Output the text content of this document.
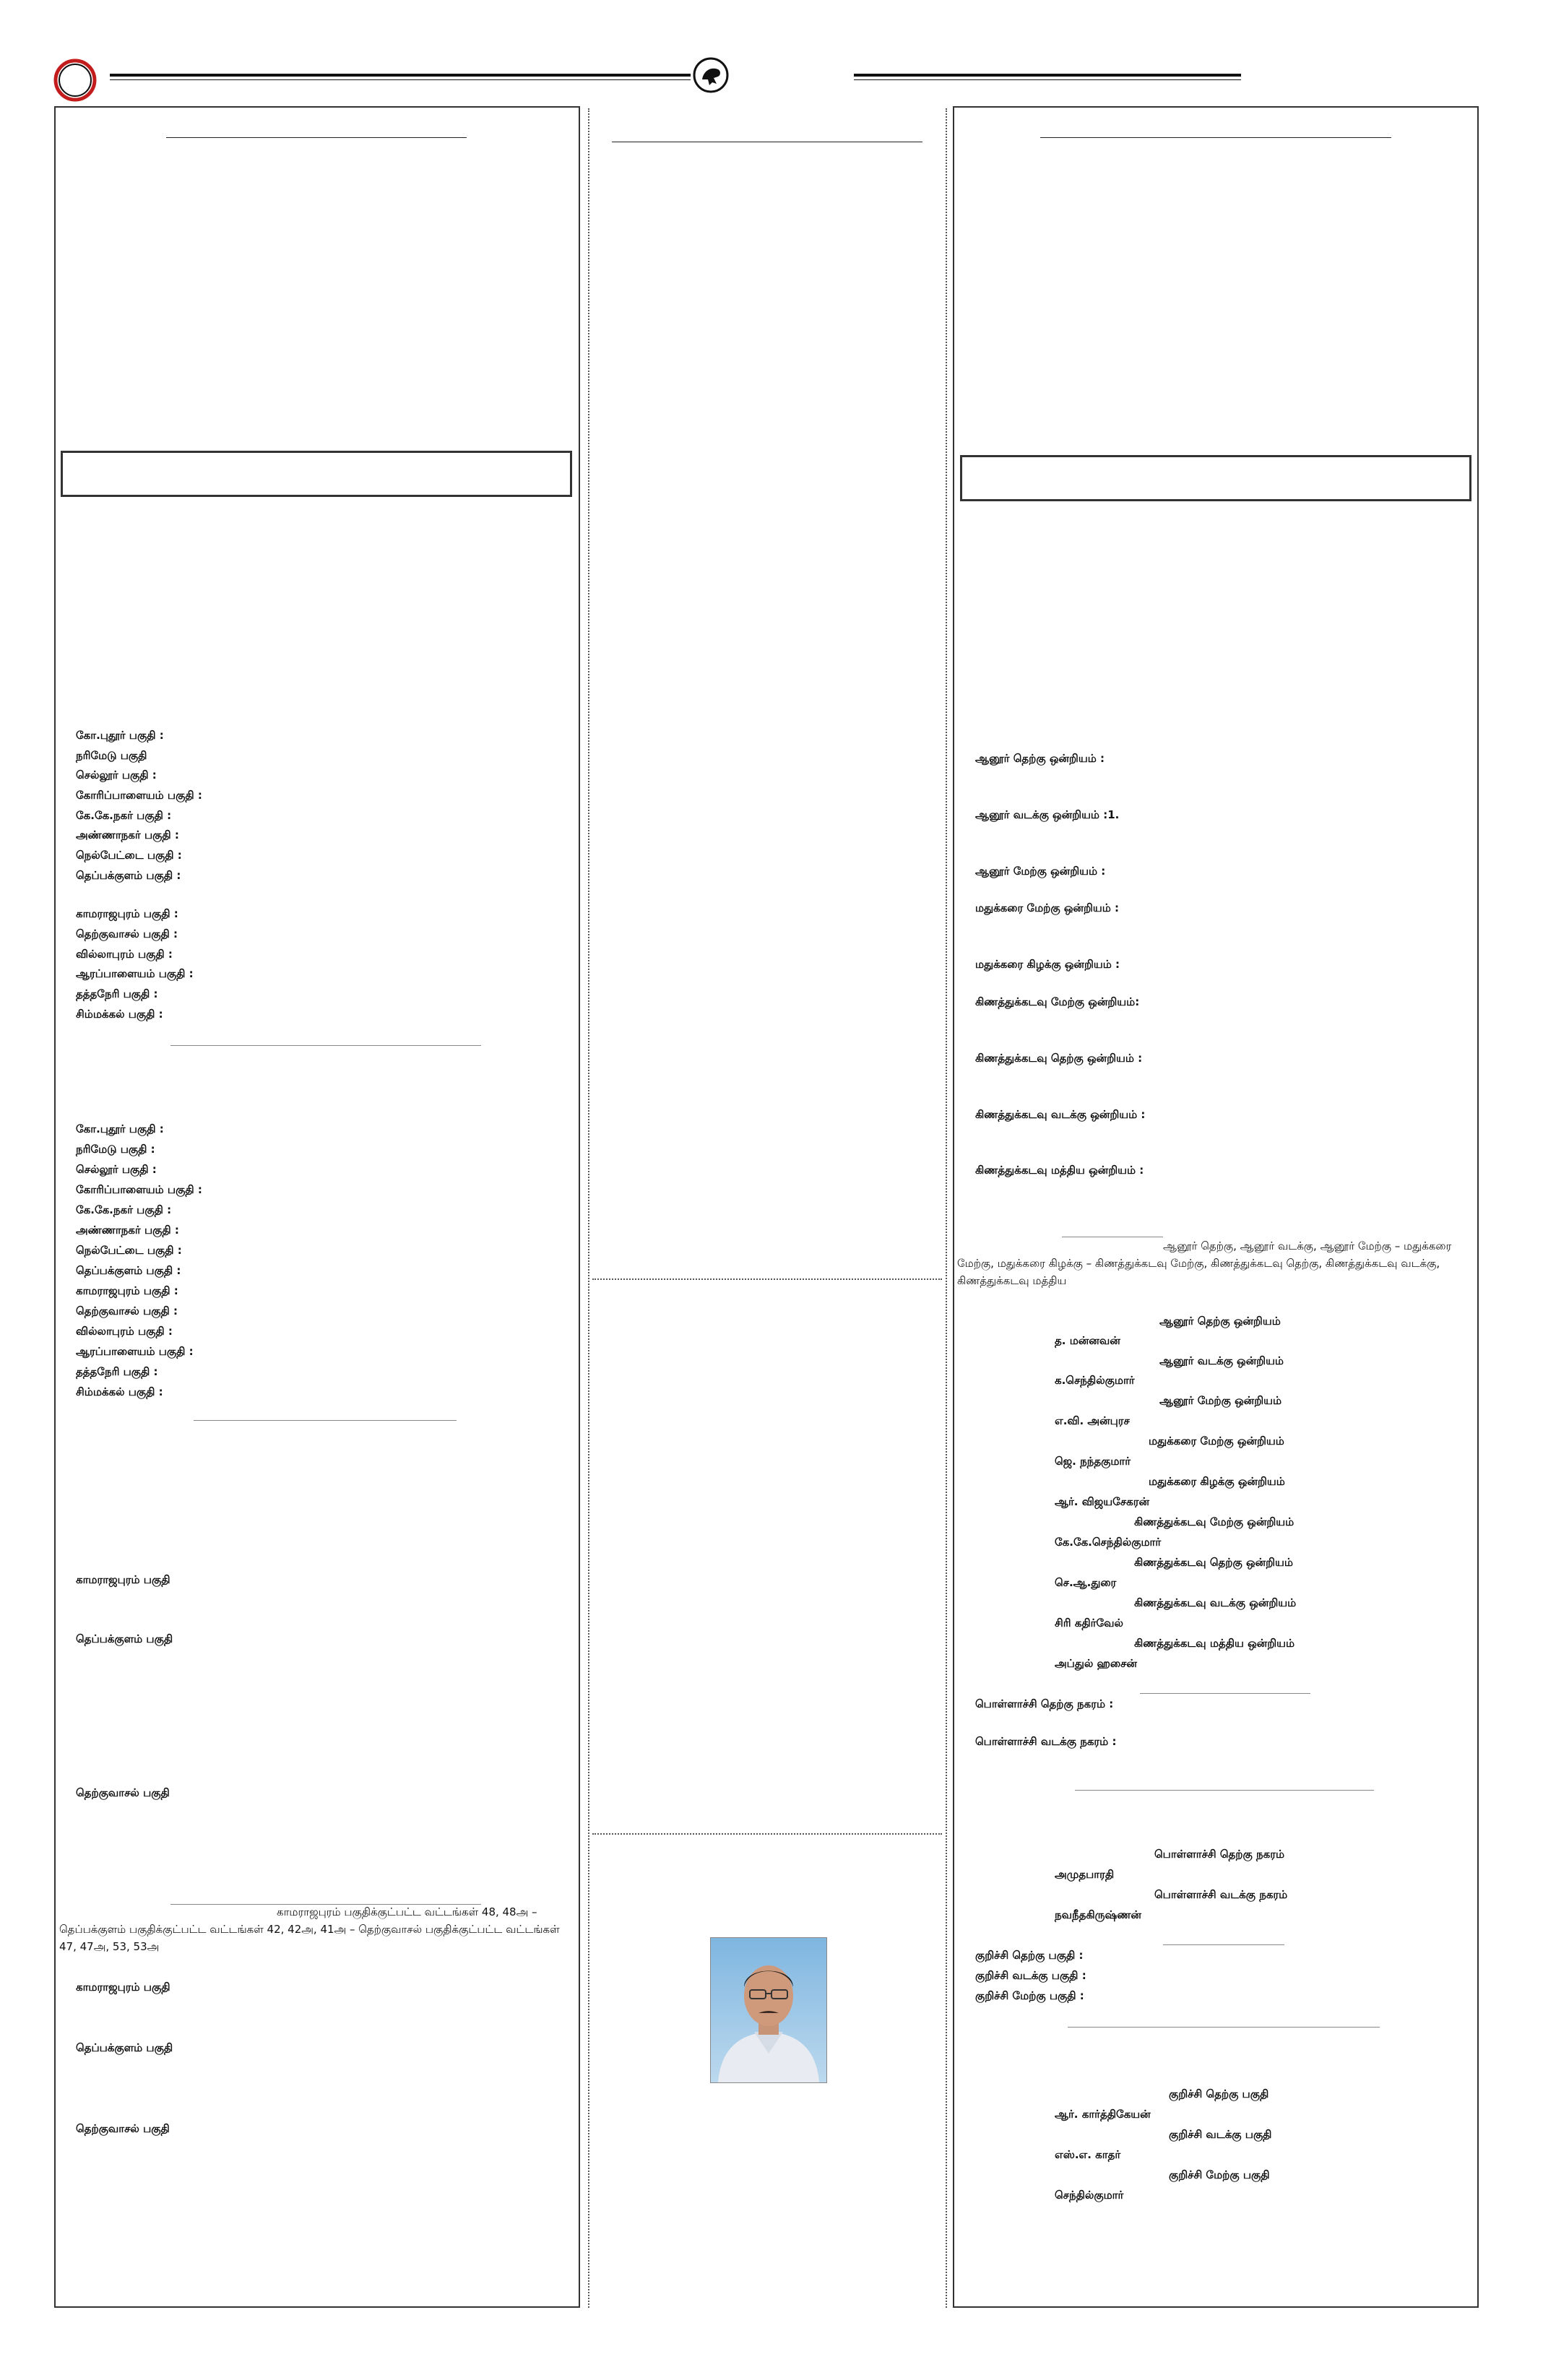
கோ.புதூர் பகுதி :
நரிமேடு பகுதி
செல்லூர் பகுதி :
கோரிப்பாளையம் பகுதி :
கே.கே.நகர் பகுதி :
அண்ணாநகர் பகுதி :
நெல்பேட்டை பகுதி :
தெப்பக்குளம் பகுதி :
காமராஜபுரம் பகுதி :
தெற்குவாசல் பகுதி :
வில்லாபுரம் பகுதி :
ஆரப்பாளையம் பகுதி :
தத்தநேரி பகுதி :
சிம்மக்கல் பகுதி :
கோ.புதூர் பகுதி :
நரிமேடு பகுதி :
செல்லூர் பகுதி :
கோரிப்பாளையம் பகுதி :
கே.கே.நகர் பகுதி :
அண்ணாநகர் பகுதி :
நெல்பேட்டை பகுதி :
தெப்பக்குளம் பகுதி :
காமராஜபுரம் பகுதி :
தெற்குவாசல் பகுதி :
வில்லாபுரம் பகுதி :
ஆரப்பாளையம் பகுதி :
தத்தநேரி பகுதி :
சிம்மக்கல் பகுதி :
காமராஜபுரம் பகுதி
தெப்பக்குளம் பகுதி
தெற்குவாசல் பகுதி
காமராஜபுரம் பகுதிக்குட்பட்ட வட்டங்கள் 48, 48அ –
தெப்பக்குளம் பகுதிக்குட்பட்ட வட்டங்கள் 42, 42அ, 41அ – தெற்குவாசல் பகுதிக்குட்பட்ட வட்டங்கள்
47, 47அ, 53, 53அ
காமராஜபுரம் பகுதி
தெப்பக்குளம் பகுதி
தெற்குவாசல் பகுதி
ஆனூர் தெற்கு ஒன்றியம் :
ஆனூர் வடக்கு ஒன்றியம் :1.
ஆனூர் மேற்கு ஒன்றியம் :
மதுக்கரை மேற்கு ஒன்றியம் :
மதுக்கரை கிழக்கு ஒன்றியம் :
கிணத்துக்கடவு மேற்கு ஒன்றியம்:
கிணத்துக்கடவு தெற்கு ஒன்றியம் :
கிணத்துக்கடவு வடக்கு ஒன்றியம் :
கிணத்துக்கடவு மத்திய ஒன்றியம் :
ஆனூர் தெற்கு, ஆனூர் வடக்கு, ஆனூர் மேற்கு – மதுக்கரை
மேற்கு, மதுக்கரை கிழக்கு – கிணத்துக்கடவு மேற்கு, கிணத்துக்கடவு தெற்கு, கிணத்துக்கடவு வடக்கு,
கிணத்துக்கடவு மத்திய
ஆனூர் தெற்கு ஒன்றியம்
த. மன்னவன்
ஆனூர் வடக்கு ஒன்றியம்
க.செந்தில்குமார்
ஆனூர் மேற்கு ஒன்றியம்
எ.வி. அன்புரச
மதுக்கரை மேற்கு ஒன்றியம்
ஜெ. நந்தகுமார்
மதுக்கரை கிழக்கு ஒன்றியம்
ஆர். விஜயசேகரன்
கிணத்துக்கடவு மேற்கு ஒன்றியம்
கே.கே.செந்தில்குமார்
கிணத்துக்கடவு தெற்கு ஒன்றியம்
செ.ஆ.துரை
கிணத்துக்கடவு வடக்கு ஒன்றியம்
சிரி கதிர்வேல்
கிணத்துக்கடவு மத்திய ஒன்றியம்
அப்துல் ஹசைன்
பொள்ளாச்சி தெற்கு நகரம் :
பொள்ளாச்சி வடக்கு நகரம் :
பொள்ளாச்சி தெற்கு நகரம்
அமுதபாரதி
பொள்ளாச்சி வடக்கு நகரம்
நவநீதகிருஷ்ணன்
குறிச்சி தெற்கு பகுதி :
குறிச்சி வடக்கு பகுதி :
குறிச்சி மேற்கு பகுதி :
குறிச்சி தெற்கு பகுதி
ஆர். கார்த்திகேயன்
குறிச்சி வடக்கு பகுதி
எஸ்.எ. காதர்
குறிச்சி மேற்கு பகுதி
செந்தில்குமார்
